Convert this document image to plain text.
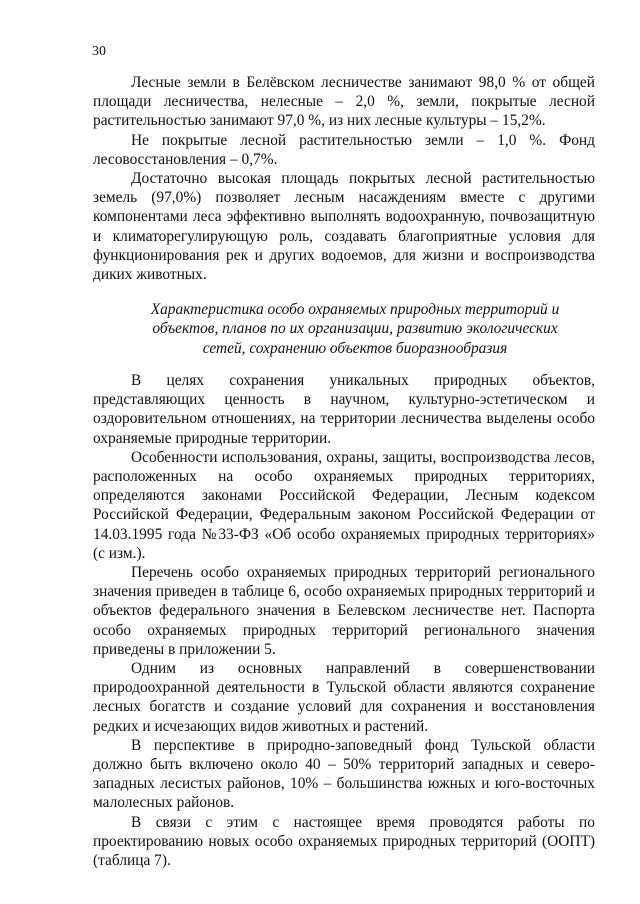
30

Лесные земли в Белёвском лесничестве занимают 98,0 % от общей площади лесничества, нелесные – 2,0 %, земли, покрытые лесной растительностью занимают 97,0 %, из них лесные культуры – 15,2%.

Не покрытые лесной растительностью земли – 1,0 %. Фонд лесовосстановления – 0,7%.

Достаточно высокая площадь покрытых лесной растительностью земель (97,0%) позволяет лесным насаждениям вместе с другими компонентами леса эффективно выполнять водоохранную, почвозащитную и климаторегулирующую роль, создавать благоприятные условия для функционирования рек и других водоемов, для жизни и воспроизводства диких животных.

Характеристика особо охраняемых природных территорий и
объектов, планов по их организации, развитию экологических
сетей, сохранению объектов биоразнообразия

В целях сохранения уникальных природных объектов, представляющих ценность в научном, культурно-эстетическом и оздоровительном отношениях, на территории лесничества выделены особо охраняемые природные территории.

Особенности использования, охраны, защиты, воспроизводства лесов, расположенных на особо охраняемых природных территориях, определяются законами Российской Федерации, Лесным кодексом Российской Федерации, Федеральным законом Российской Федерации от 14.03.1995 года №33-ФЗ «Об особо охраняемых природных территориях» (с изм.).

Перечень особо охраняемых природных территорий регионального значения приведен в таблице 6, особо охраняемых природных территорий и объектов федерального значения в Белевском лесничестве нет. Паспорта особо охраняемых природных территорий регионального значения приведены в приложении 5.

Одним из основных направлений в совершенствовании природоохранной деятельности в Тульской области являются сохранение лесных богатств и создание условий для сохранения и восстановления редких и исчезающих видов животных и растений.

В перспективе в природно-заповедный фонд Тульской области должно быть включено около 40 – 50% территорий западных и северо-западных лесистых районов, 10% – большинства южных и юго-восточных малолесных районов.

В связи с этим с настоящее время проводятся работы по проектированию новых особо охраняемых природных территорий (ООПТ) (таблица 7).
